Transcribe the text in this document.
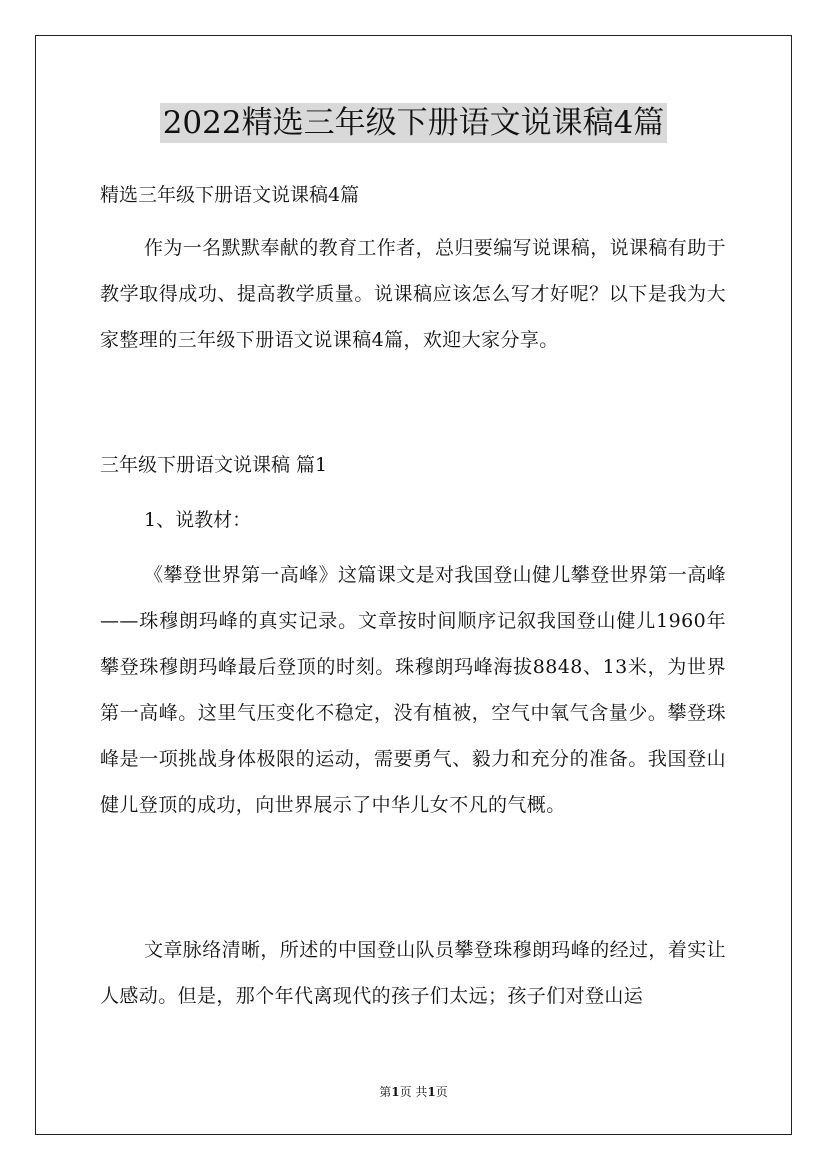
2022精选三年级下册语文说课稿4篇
精选三年级下册语文说课稿4篇
作为一名默默奉献的教育工作者，总归要编写说课稿，说课稿有助于教学取得成功、提高教学质量。说课稿应该怎么写才好呢？以下是我为大家整理的三年级下册语文说课稿4篇，欢迎大家分享。
三年级下册语文说课稿 篇1
1、说教材：
《攀登世界第一高峰》这篇课文是对我国登山健儿攀登世界第一高峰——珠穆朗玛峰的真实记录。文章按时间顺序记叙我国登山健儿1960年攀登珠穆朗玛峰最后登顶的时刻。珠穆朗玛峰海拔8848、13米，为世界第一高峰。这里气压变化不稳定，没有植被，空气中氧气含量少。攀登珠峰是一项挑战身体极限的运动，需要勇气、毅力和充分的准备。我国登山健儿登顶的成功，向世界展示了中华儿女不凡的气概。
文章脉络清晰，所述的中国登山队员攀登珠穆朗玛峰的经过，着实让人感动。但是，那个年代离现代的孩子们太远；孩子们对登山运
第1页 共1页
